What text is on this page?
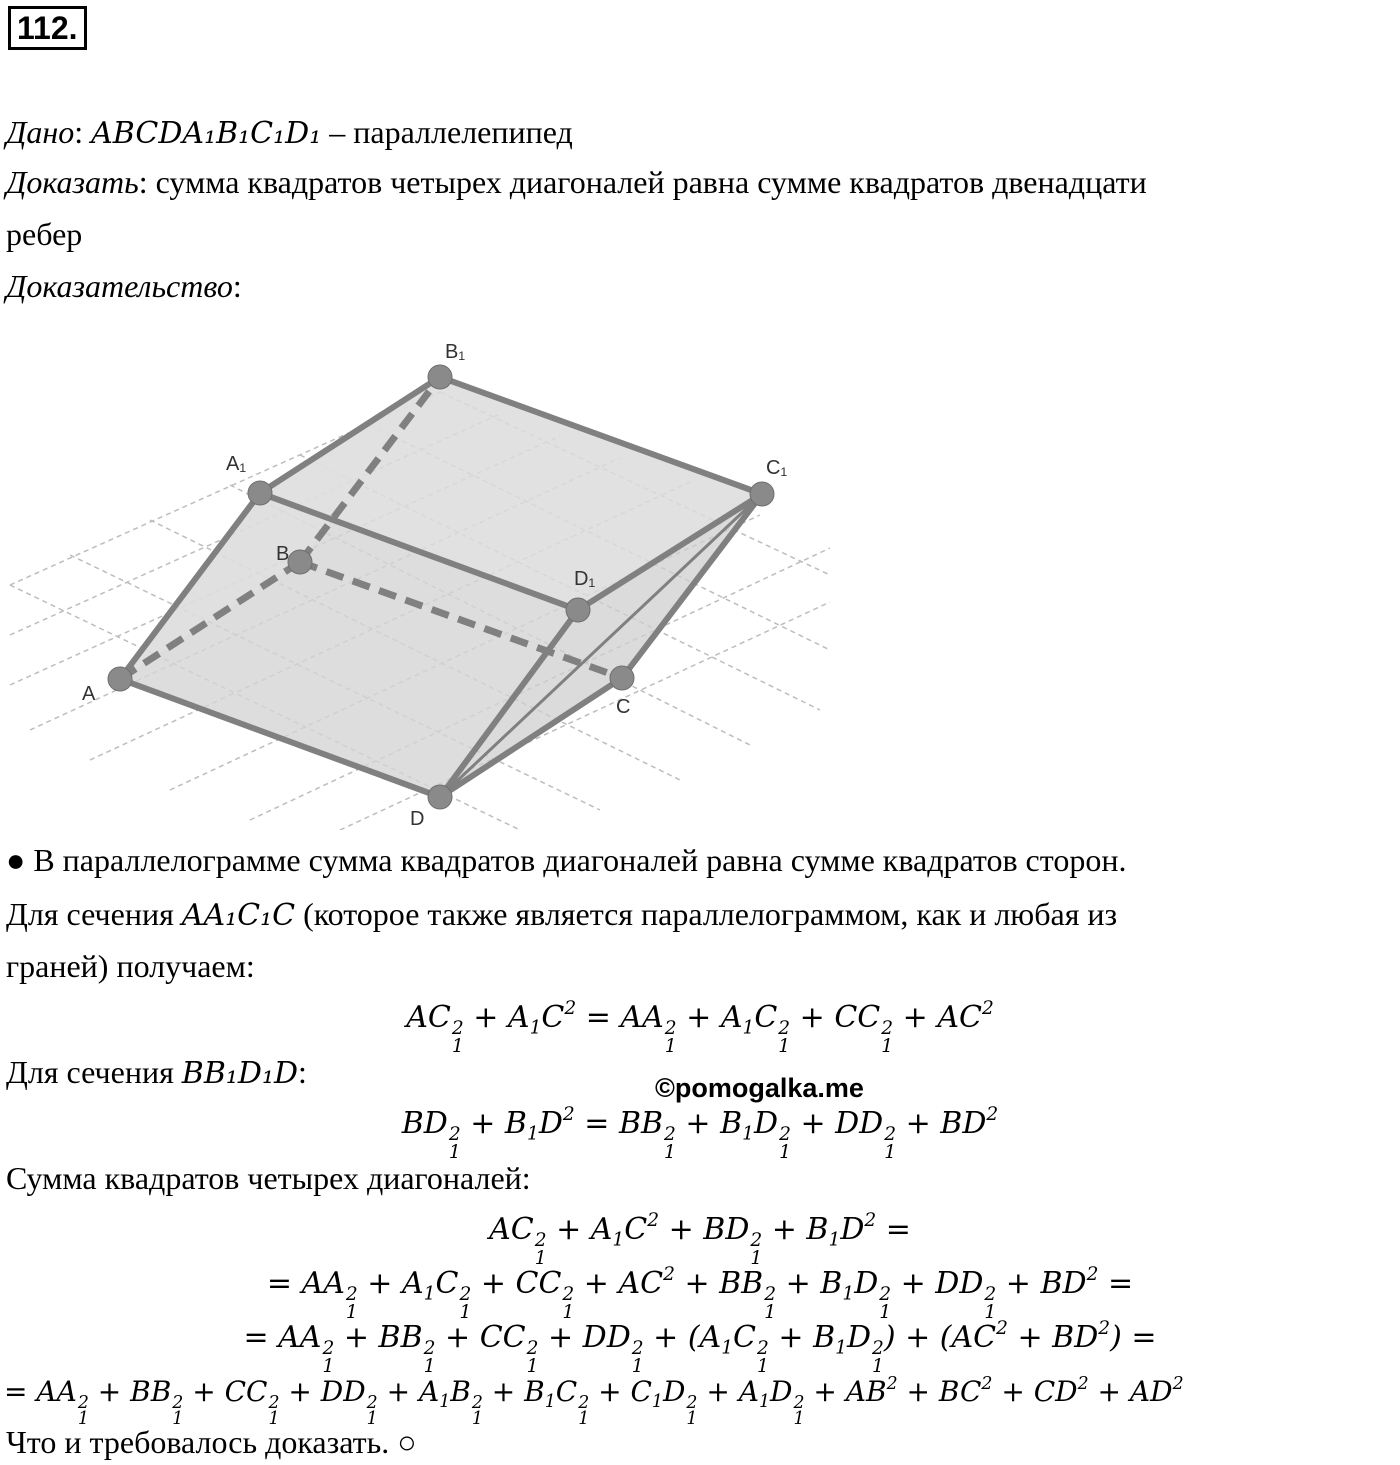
112.
Дано: ABCDA₁B₁C₁D₁ – параллелепипед
Доказать: сумма квадратов четырех диагоналей равна сумме квадратов двенадцати
ребер
Доказательство:
A
B
C
D
A₁
B₁
C₁
D₁
● В параллелограмме сумма квадратов диагоналей равна сумме квадратов сторон.
Для сечения AA₁C₁C (которое также является параллелограммом, как и любая из
граней) получаем:
AC 2
1
+ $A_1C^2$ = AA 2
1
+ $A_1C$ 2
1
+ CC 2
1
+ $AC^2$
Для сечения BB₁D₁D:	©pomogalka.me
BD 2
1
+ $B_1D^2$ = BB 2
1
+ $B_1D$ 2
1
+ DD 2
1
+ $BD^2$
Сумма квадратов четырех диагоналей:
AC 2
1
+ $A_1C^2$ + BD 2
1
+ $B_1D^2$ =
= AA 2
1
+ $A_1C$ 2
1
+ CC 2
1
+ $AC^2$ + BB 2
1
+ $B_1D$ 2
1
+ DD 2
1
+ $BD^2$ =
= AA 2
1
+ BB 2
1
+ CC 2
1
+ DD 2
1
+ ($A_1C$ 2
1
+ $B_1D$ 2
1
) + $(AC^2 + BD^2)$ =
= AA 2
1
+ BB 2
1
+ CC 2
1
+ DD 2
1
+ $A_1B$ 2
1
+ $B_1C$ 2
1
+ $C_1D$ 2
1
+ $A_1D$ 2
1
+ $AB^2 + BC^2 + CD^2 + AD^2$
Что и требовалось доказать. ○
